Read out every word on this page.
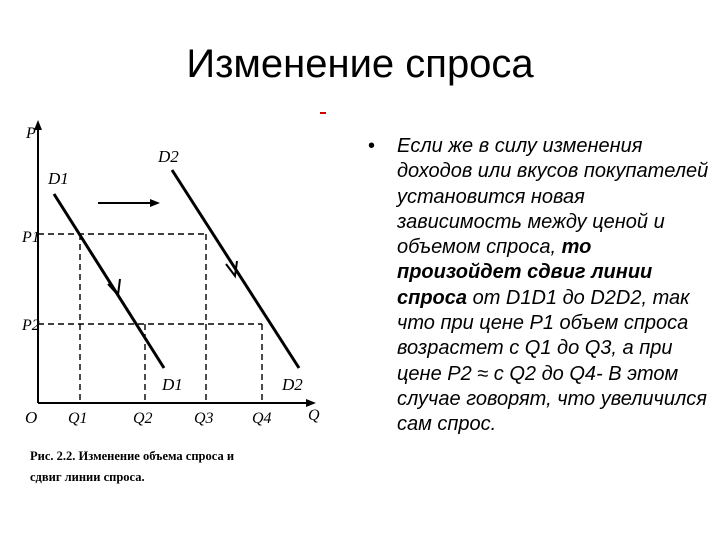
Изменение спроса
P
Q
O
D1
D2
D1	D2
P1
P2
Q1	Q2	Q3 Q4
Рис. 2.2. Изменение объема спроса и
сдвиг линии спроса.
• Если же в силу изменения доходов или вкусов покупателей установится новая зависимость между ценой и объемом спроса, то произойдет сдвиг линии спроса от D1D1 до D2D2, так что при цене P1 объем спроса возрастет с Q1 до Q3, а при цене P2 ≈ с Q2 до Q4- В этом случае говорят, что увеличился сам спрос.
